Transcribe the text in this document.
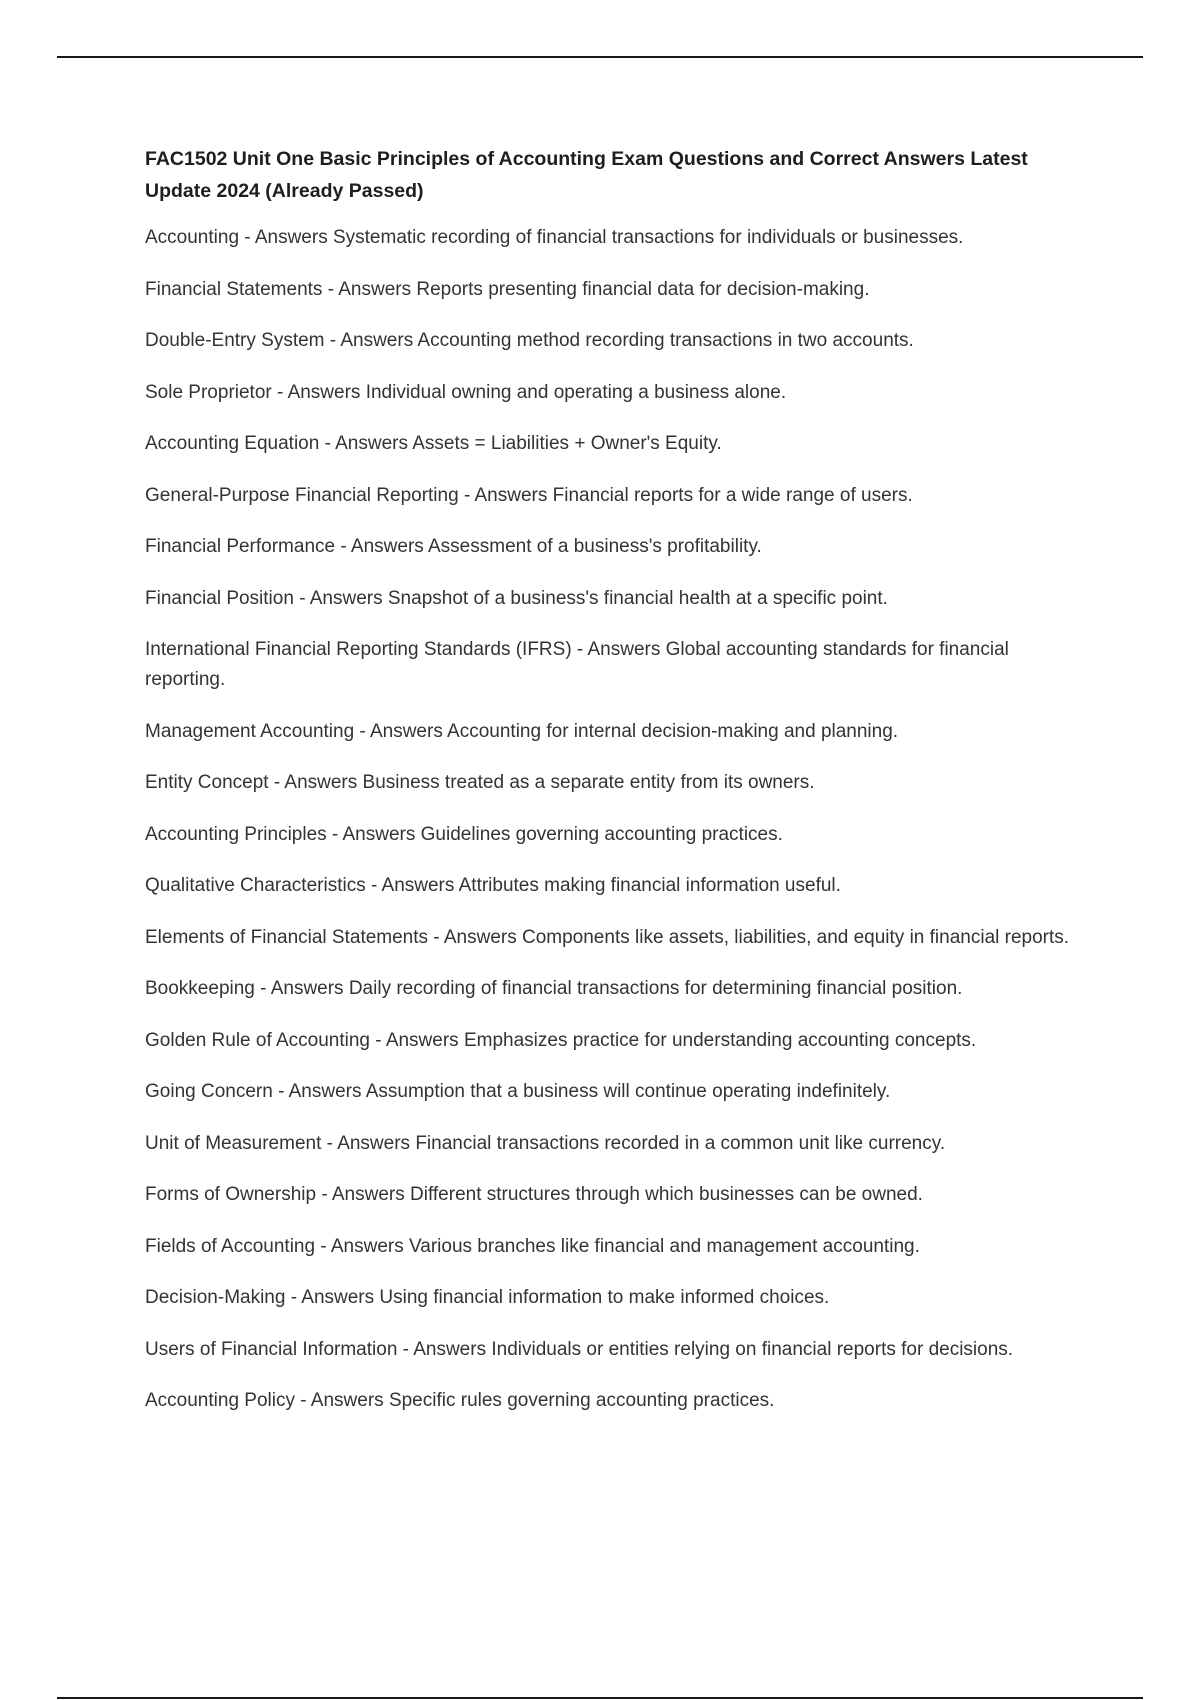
FAC1502 Unit One Basic Principles of Accounting Exam Questions and Correct Answers Latest Update 2024 (Already Passed)
Accounting - Answers Systematic recording of financial transactions for individuals or businesses.
Financial Statements - Answers Reports presenting financial data for decision-making.
Double-Entry System - Answers Accounting method recording transactions in two accounts.
Sole Proprietor - Answers Individual owning and operating a business alone.
Accounting Equation - Answers Assets = Liabilities + Owner's Equity.
General-Purpose Financial Reporting - Answers Financial reports for a wide range of users.
Financial Performance - Answers Assessment of a business's profitability.
Financial Position - Answers Snapshot of a business's financial health at a specific point.
International Financial Reporting Standards (IFRS) - Answers Global accounting standards for financial reporting.
Management Accounting - Answers Accounting for internal decision-making and planning.
Entity Concept - Answers Business treated as a separate entity from its owners.
Accounting Principles - Answers Guidelines governing accounting practices.
Qualitative Characteristics - Answers Attributes making financial information useful.
Elements of Financial Statements - Answers Components like assets, liabilities, and equity in financial reports.
Bookkeeping - Answers Daily recording of financial transactions for determining financial position.
Golden Rule of Accounting - Answers Emphasizes practice for understanding accounting concepts.
Going Concern - Answers Assumption that a business will continue operating indefinitely.
Unit of Measurement - Answers Financial transactions recorded in a common unit like currency.
Forms of Ownership - Answers Different structures through which businesses can be owned.
Fields of Accounting - Answers Various branches like financial and management accounting.
Decision-Making - Answers Using financial information to make informed choices.
Users of Financial Information - Answers Individuals or entities relying on financial reports for decisions.
Accounting Policy - Answers Specific rules governing accounting practices.
